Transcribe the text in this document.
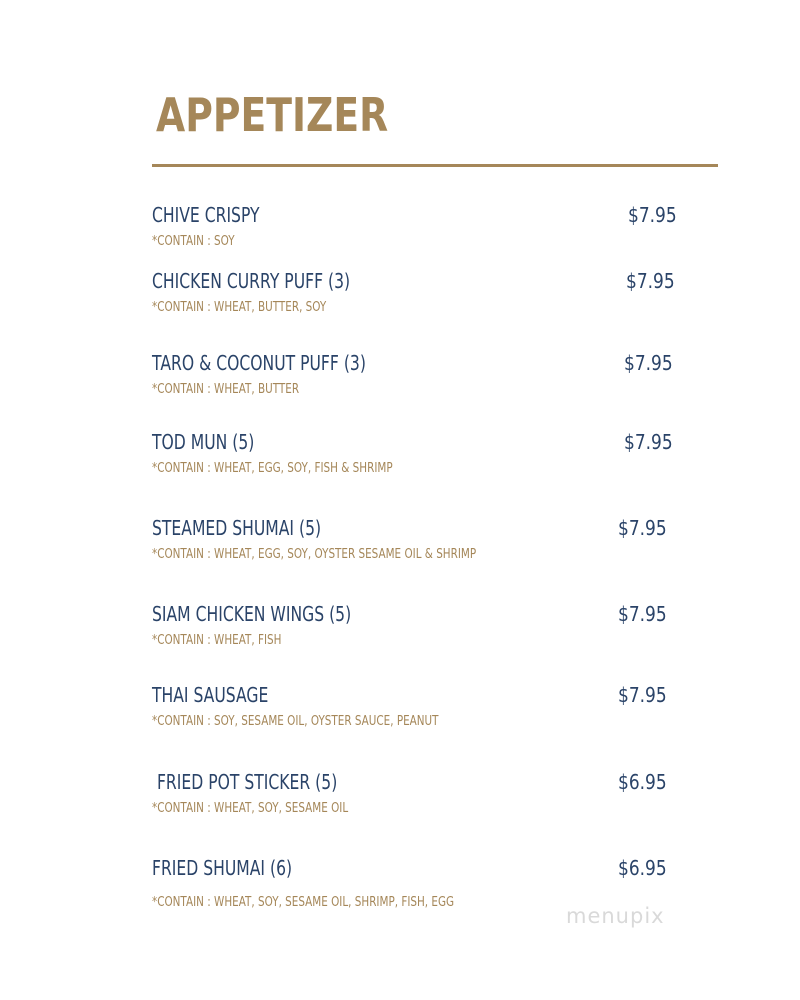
APPETIZER
CHIVE CRISPY	$7.95
*CONTAIN : SOY
CHICKEN CURRY PUFF (3)	$7.95
*CONTAIN : WHEAT, BUTTER, SOY
TARO & COCONUT PUFF (3)	$7.95
*CONTAIN : WHEAT, BUTTER
TOD MUN (5)	$7.95
*CONTAIN : WHEAT, EGG, SOY, FISH & SHRIMP
STEAMED SHUMAI (5)	$7.95
*CONTAIN : WHEAT, EGG, SOY, OYSTER SESAME OIL & SHRIMP
SIAM CHICKEN WINGS (5)	$7.95
*CONTAIN : WHEAT, FISH
THAI SAUSAGE	$7.95
*CONTAIN : SOY, SESAME OIL, OYSTER SAUCE, PEANUT
FRIED POT STICKER (5)	$6.95
*CONTAIN : WHEAT, SOY, SESAME OIL
FRIED SHUMAI (6)	$6.95
*CONTAIN : WHEAT, SOY, SESAME OIL, SHRIMP, FISH, EGG
menupix
